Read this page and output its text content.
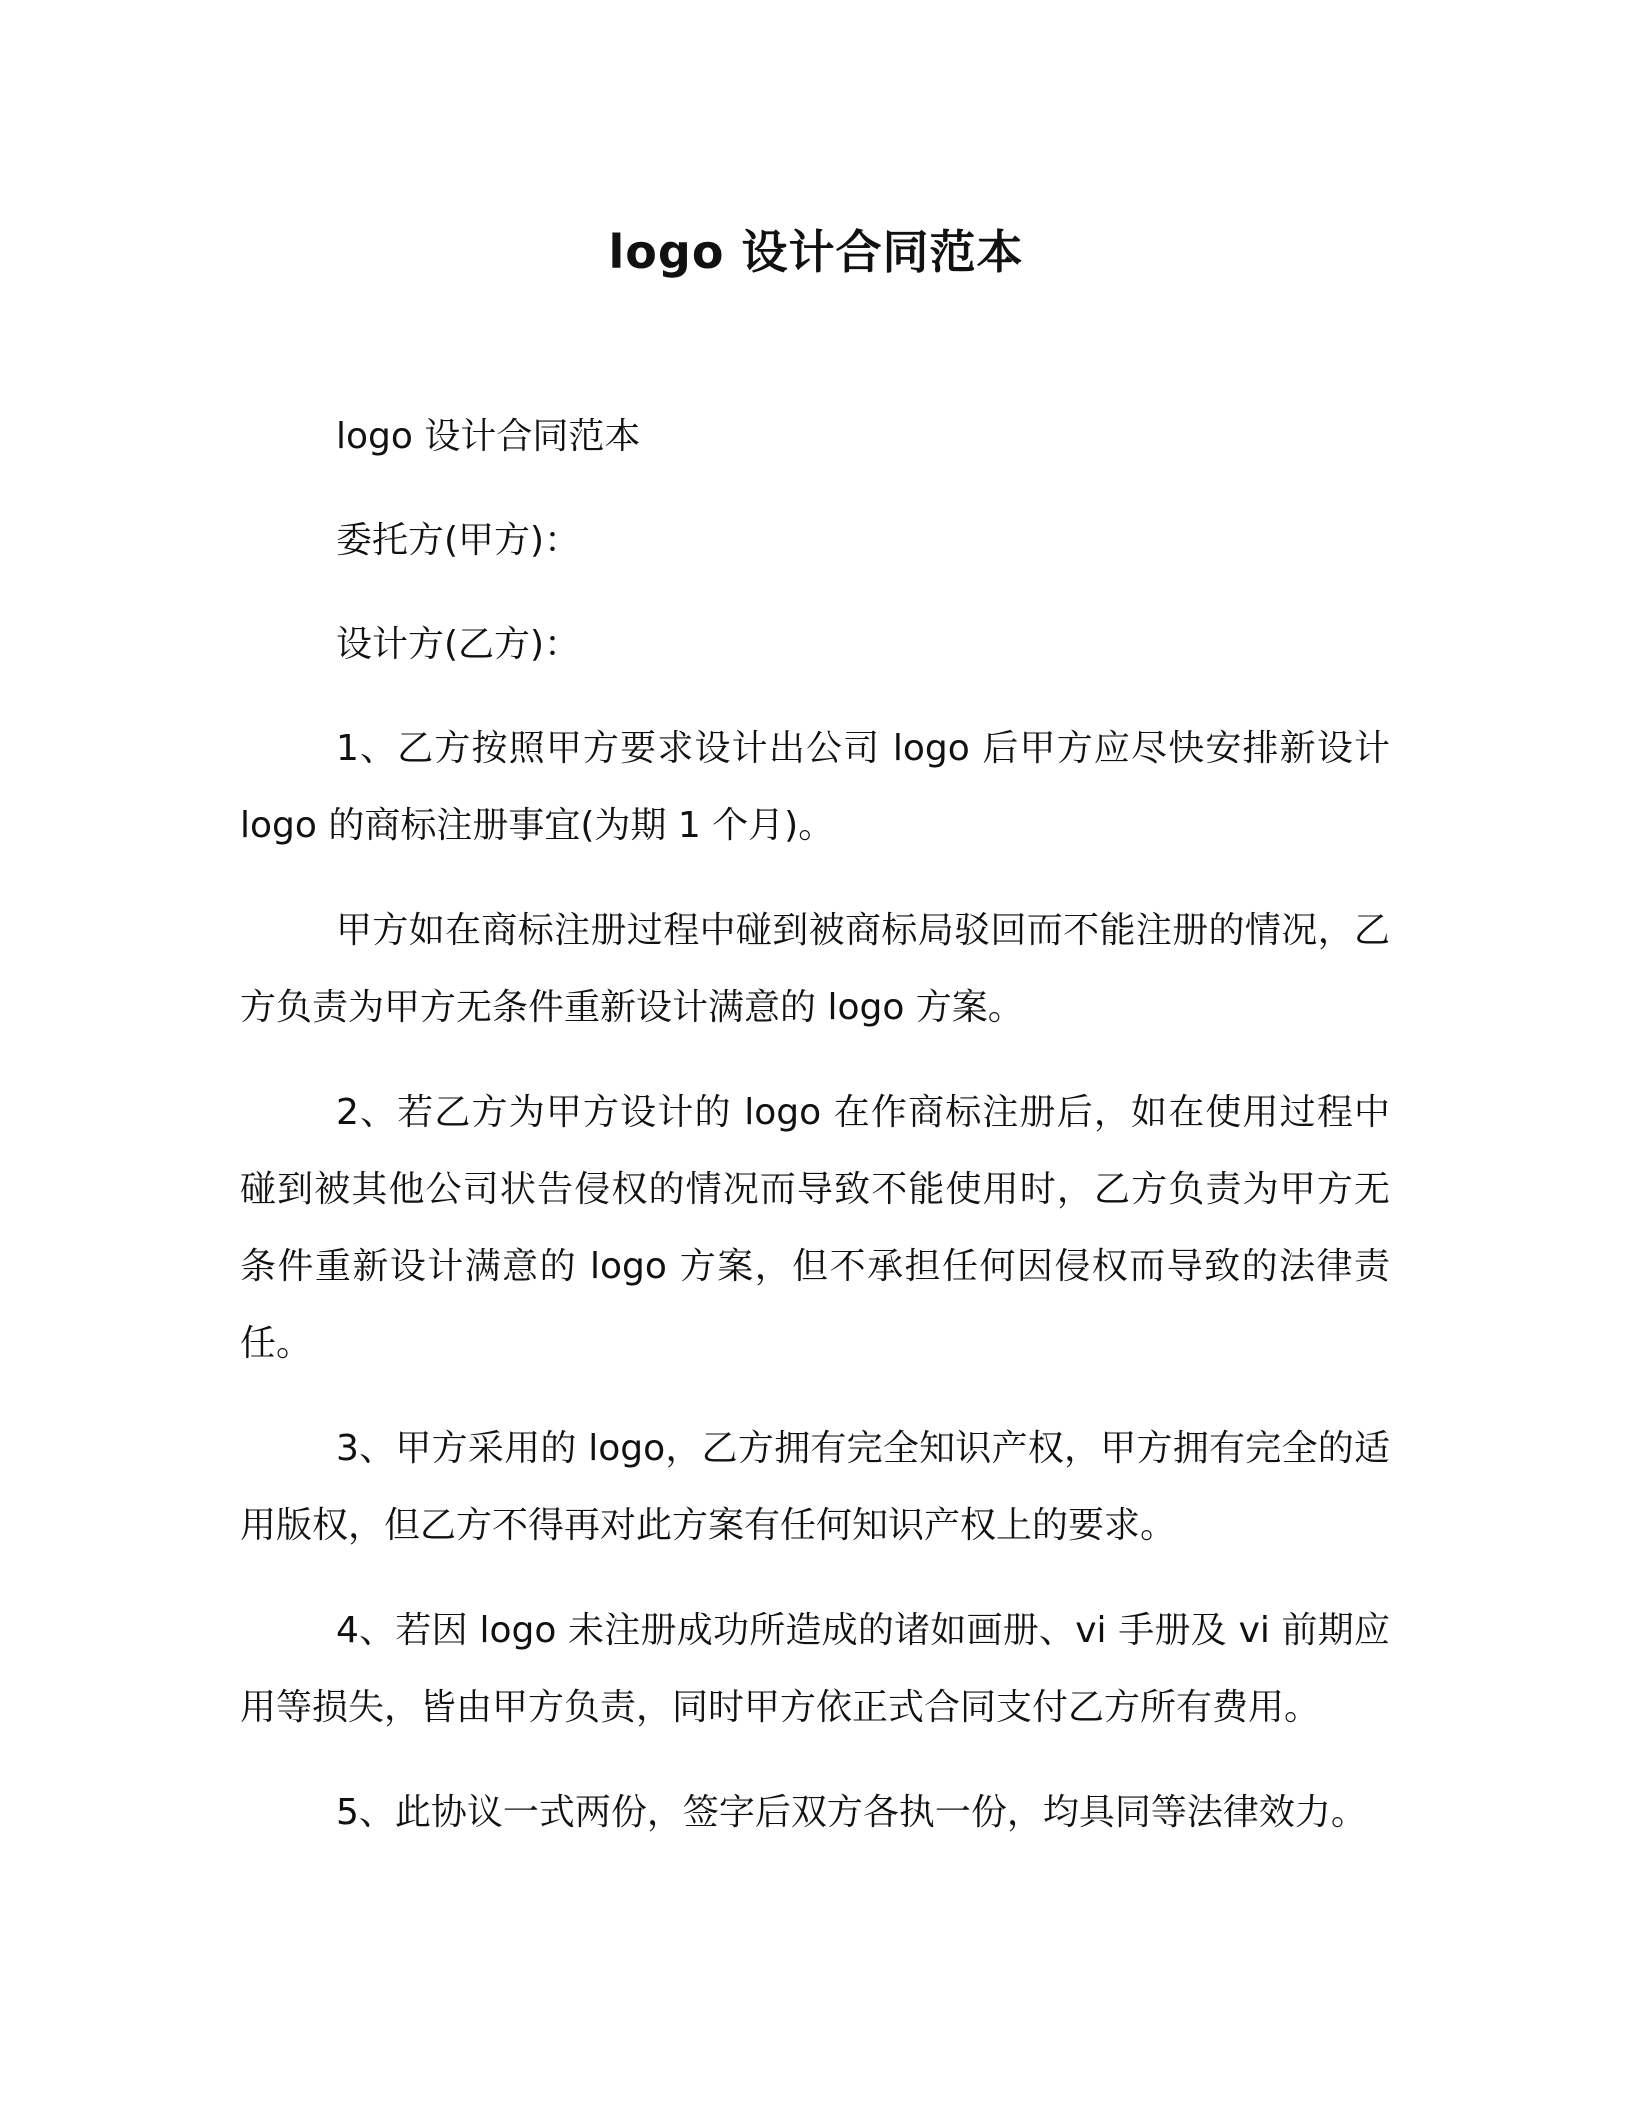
logo 设计合同范本

logo 设计合同范本

委托方(甲方)：

设计方(乙方)：

1、乙方按照甲方要求设计出公司 logo 后甲方应尽快安排新设计 logo 的商标注册事宜(为期 1 个月)。

甲方如在商标注册过程中碰到被商标局驳回而不能注册的情况，乙方负责为甲方无条件重新设计满意的 logo 方案。

2、若乙方为甲方设计的 logo 在作商标注册后，如在使用过程中碰到被其他公司状告侵权的情况而导致不能使用时，乙方负责为甲方无条件重新设计满意的 logo 方案，但不承担任何因侵权而导致的法律责任。

3、甲方采用的 logo，乙方拥有完全知识产权，甲方拥有完全的适用版权，但乙方不得再对此方案有任何知识产权上的要求。

4、若因 logo 未注册成功所造成的诸如画册、vi 手册及 vi 前期应用等损失，皆由甲方负责，同时甲方依正式合同支付乙方所有费用。

5、此协议一式两份，签字后双方各执一份，均具同等法律效力。
